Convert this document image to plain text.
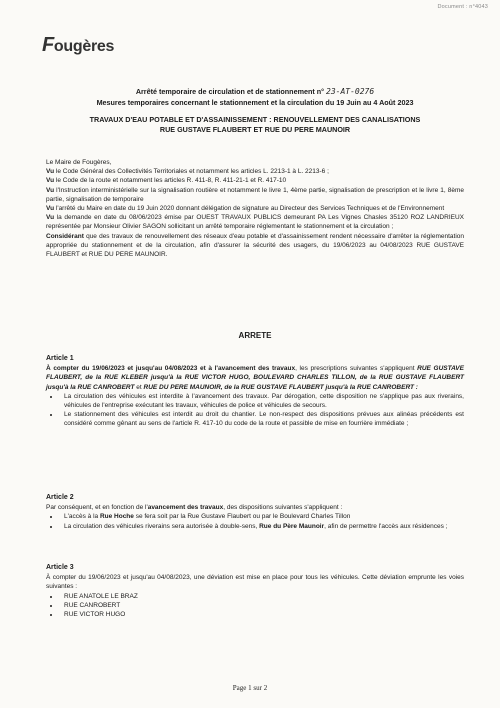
Document : n°4043
Fougères
Arrêté temporaire de circulation et de stationnement n° 23-AT-0276
Mesures temporaires concernant le stationnement et la circulation du 19 Juin au 4 Août 2023
TRAVAUX D'EAU POTABLE ET D'ASSAINISSEMENT : RENOUVELLEMENT DES CANALISATIONS
RUE GUSTAVE FLAUBERT ET RUE DU PERE MAUNOIR

Le Maire de Fougères,

Vu le Code Général des Collectivités Territoriales et notamment les articles L. 2213-1 à L. 2213-6 ;

Vu le Code de la route et notamment les articles R. 411-8, R. 411-21-1 et R. 417-10

Vu l'Instruction interministérielle sur la signalisation routière et notamment le livre 1, 4ème partie, signalisation de prescription et le livre 1, 8ème partie, signalisation de temporaire

Vu l'arrêté du Maire en date du 19 Juin 2020 donnant délégation de signature au Directeur des Services Techniques et de l'Environnement

Vu la demande en date du 08/06/2023 émise par OUEST TRAVAUX PUBLICS demeurant PA Les Vignes Chasles 35120 ROZ LANDRIEUX représentée par Monsieur Olivier SAGON sollicitant un arrêté temporaire réglementant le stationnement et la circulation ;

Considérant que des travaux de renouvellement des réseaux d'eau potable et d'assainissement rendent nécessaire d'arrêter la réglementation appropriée du stationnement et de la circulation, afin d'assurer la sécurité des usagers, du 19/06/2023 au 04/08/2023 RUE GUSTAVE FLAUBERT et RUE DU PERE MAUNOIR.

ARRETE

Article 1

À compter du 19/06/2023 et jusqu'au 04/08/2023 et à l'avancement des travaux, les prescriptions suivantes s'appliquent RUE GUSTAVE FLAUBERT, de la RUE KLEBER jusqu'à la RUE VICTOR HUGO, BOULEVARD CHARLES TILLON, de la RUE GUSTAVE FLAUBERT jusqu'à la RUE CANROBERT et RUE DU PERE MAUNOIR, de la RUE GUSTAVE FLAUBERT jusqu'à la RUE CANROBERT :

• La circulation des véhicules est interdite à l'avancement des travaux. Par dérogation, cette disposition ne s'applique pas aux riverains, véhicules de l'entreprise exécutant les travaux, véhicules de police et véhicules de secours.
• Le stationnement des véhicules est interdit au droit du chantier. Le non-respect des dispositions prévues aux alinéas précédents est considéré comme gênant au sens de l'article R. 417-10 du code de la route et passible de mise en fourrière immédiate ;

Article 2

Par conséquent, et en fonction de l'avancement des travaux, des dispositions suivantes s'appliquent :

• L'accès à la Rue Hoche se fera soit par la Rue Gustave Flaubert ou par le Boulevard Charles Tillon
• La circulation des véhicules riverains sera autorisée à double-sens, Rue du Père Maunoir, afin de permettre l'accès aux résidences ;

Article 3

À compter du 19/06/2023 et jusqu'au 04/08/2023, une déviation est mise en place pour tous les véhicules. Cette déviation emprunte les voies suivantes :

• RUE ANATOLE LE BRAZ
• RUE CANROBERT
• RUE VICTOR HUGO
Page 1 sur 2
